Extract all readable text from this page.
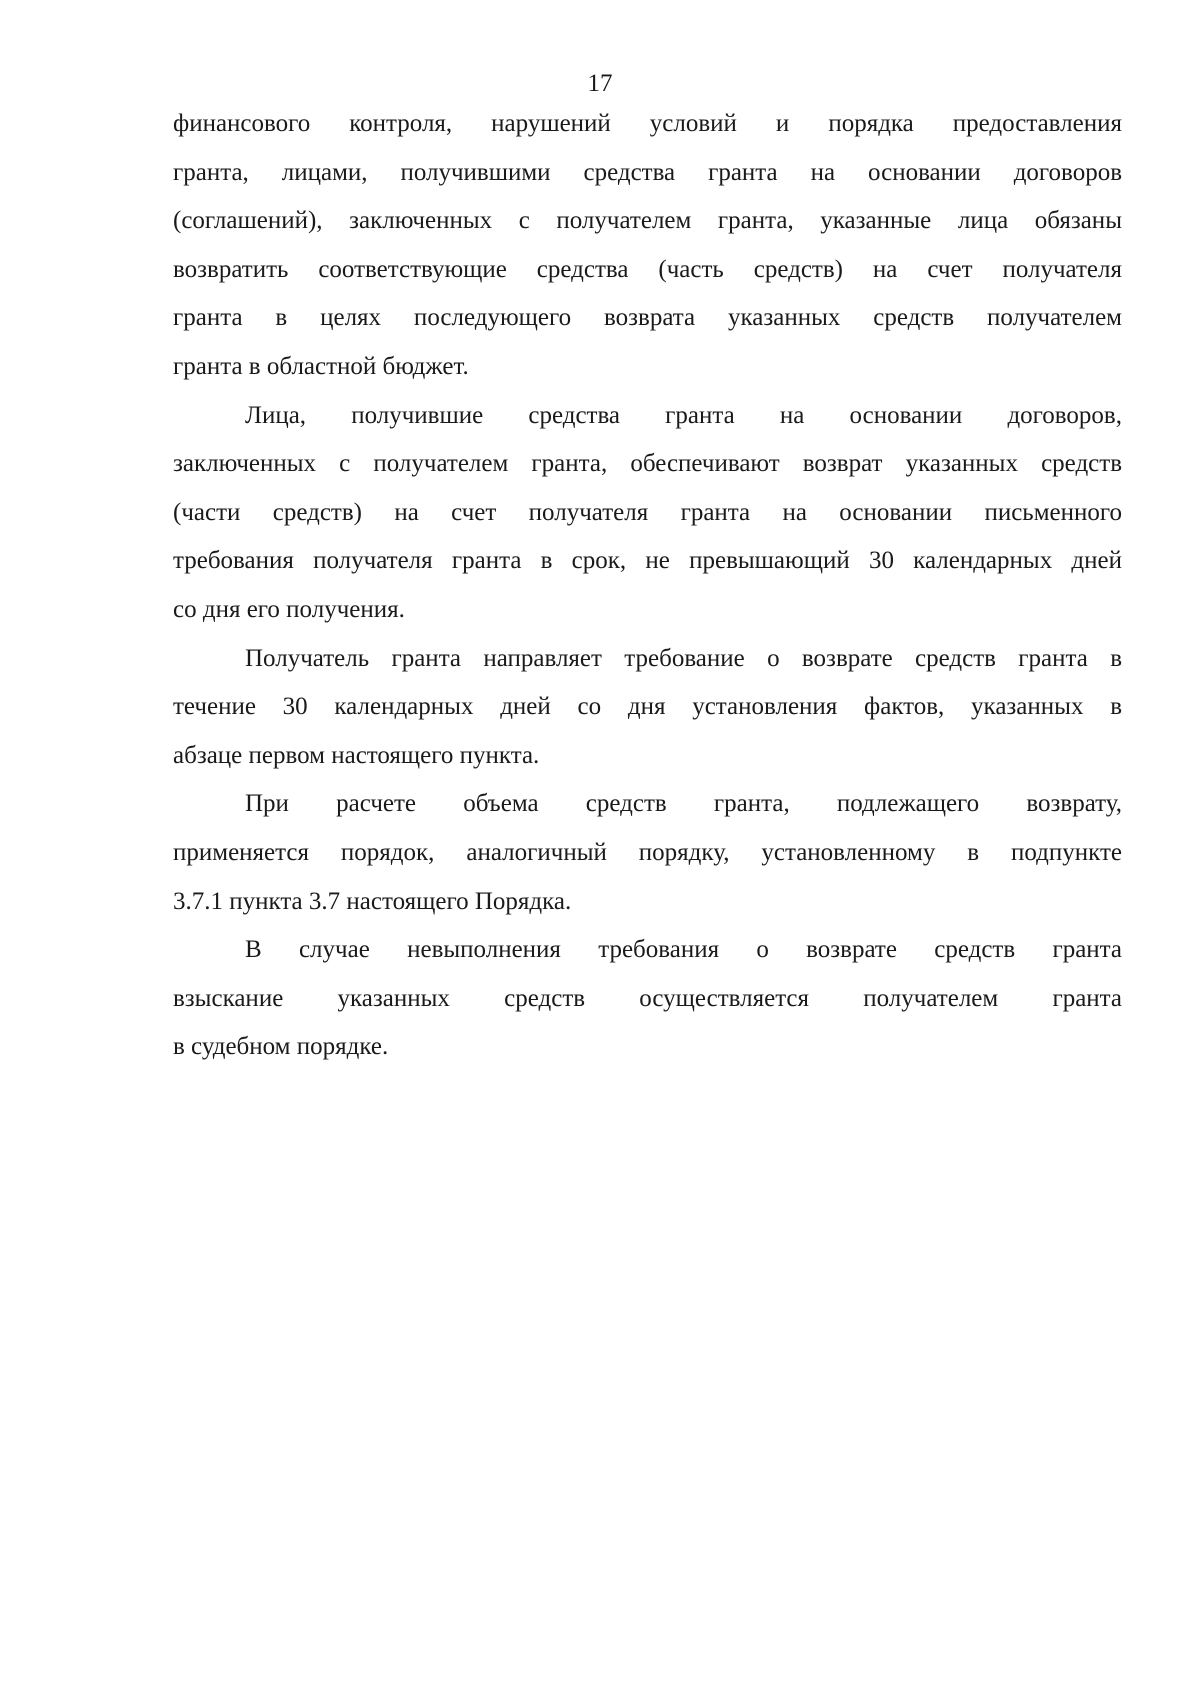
17
финансового контроля, нарушений условий и порядка предоставления
гранта, лицами, получившими средства гранта на основании договоров
(соглашений), заключенных с получателем гранта, указанные лица обязаны
возвратить соответствующие средства (часть средств) на счет получателя
гранта в целях последующего возврата указанных средств получателем
гранта в областной бюджет.
Лица, получившие средства гранта на основании договоров,
заключенных с получателем гранта, обеспечивают возврат указанных средств
(части средств) на счет получателя гранта на основании письменного
требования получателя гранта в срок, не превышающий 30 календарных дней
со дня его получения.
Получатель гранта направляет требование о возврате средств гранта в
течение 30 календарных дней со дня установления фактов, указанных в
абзаце первом настоящего пункта.
При расчете объема средств гранта, подлежащего возврату,
применяется порядок, аналогичный порядку, установленному в подпункте
3.7.1 пункта 3.7 настоящего Порядка.
В случае невыполнения требования о возврате средств гранта
взыскание указанных средств осуществляется получателем гранта
в судебном порядке.
